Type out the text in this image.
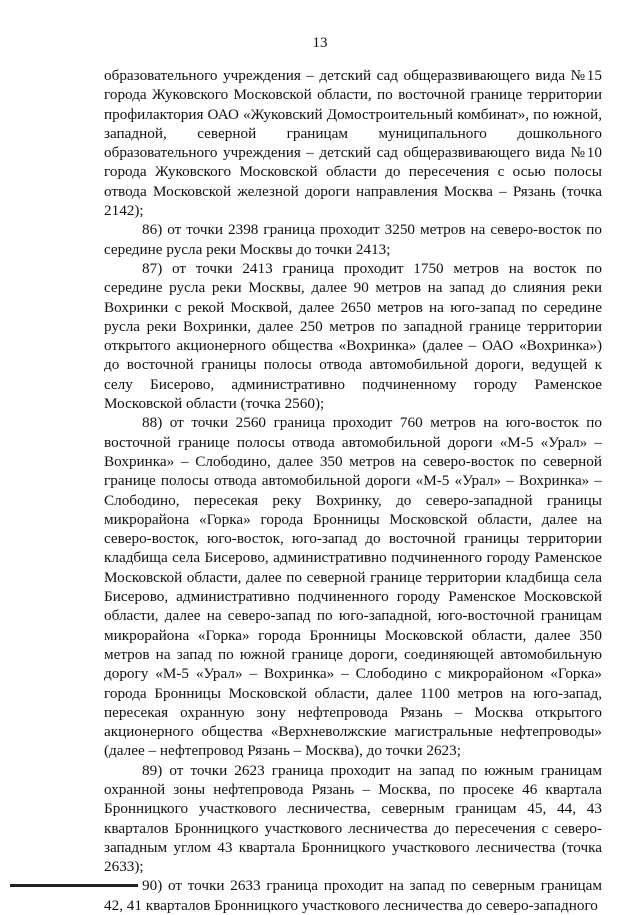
13

образовательного учреждения – детский сад общеразвивающего вида №15 города Жуковского Московской области, по восточной границе территории профилактория ОАО «Жуковский Домостроительный комбинат», по южной, западной, северной границам муниципального дошкольного образовательного учреждения – детский сад общеразвивающего вида №10 города Жуковского Московской области до пересечения с осью полосы отвода Московской железной дороги направления Москва – Рязань (точка 2142);

86) от точки 2398 граница проходит 3250 метров на северо-восток по середине русла реки Москвы до точки 2413;

87) от точки 2413 граница проходит 1750 метров на восток по середине русла реки Москвы, далее 90 метров на запад до слияния реки Вохринки с рекой Москвой, далее 2650 метров на юго-запад по середине русла реки Вохринки, далее 250 метров по западной границе территории открытого акционерного общества «Вохринка» (далее – ОАО «Вохринка») до восточной границы полосы отвода автомобильной дороги, ведущей к селу Бисерово, административно подчиненному городу Раменское Московской области (точка 2560);

88) от точки 2560 граница проходит 760 метров на юго-восток по восточной границе полосы отвода автомобильной дороги «М-5 «Урал» – Вохринка» – Слободино, далее 350 метров на северо-восток по северной границе полосы отвода автомобильной дороги «М-5 «Урал» – Вохринка» – Слободино, пересекая реку Вохринку, до северо-западной границы микрорайона «Горка» города Бронницы Московской области, далее на северо-восток, юго-восток, юго-запад до восточной границы территории кладбища села Бисерово, административно подчиненного городу Раменское Московской области, далее по северной границе территории кладбища села Бисерово, административно подчиненного городу Раменское Московской области, далее на северо-запад по юго-западной, юго-восточной границам микрорайона «Горка» города Бронницы Московской области, далее 350 метров на запад по южной границе дороги, соединяющей автомобильную дорогу «М-5 «Урал» – Вохринка» – Слободино с микрорайоном «Горка» города Бронницы Московской области, далее 1100 метров на юго-запад, пересекая охранную зону нефтепровода Рязань – Москва открытого акционерного общества «Верхневолжские магистральные нефтепроводы» (далее – нефтепровод Рязань – Москва), до точки 2623;

89) от точки 2623 граница проходит на запад по южным границам охранной зоны нефтепровода Рязань – Москва, по просеке 46 квартала Бронницкого участкового лесничества, северным границам 45, 44, 43 кварталов Бронницкого участкового лесничества до пересечения с северо-западным углом 43 квартала Бронницкого участкового лесничества (точка 2633);

90) от точки 2633 граница проходит на запад по северным границам 42, 41 кварталов Бронницкого участкового лесничества до северо-западного
